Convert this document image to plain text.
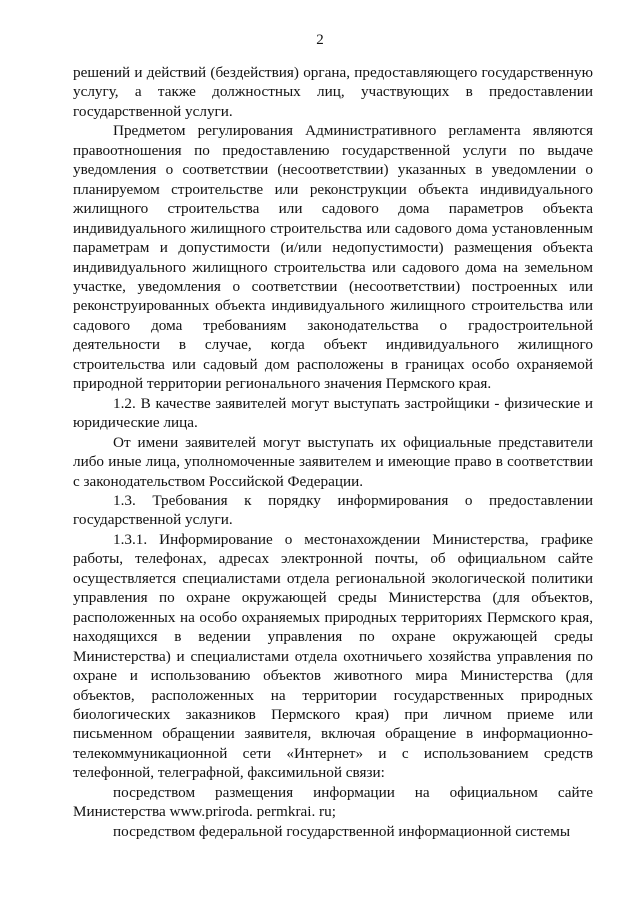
2

решений и действий (бездействия) органа, предоставляющего государственную услугу, а также должностных лиц, участвующих в предоставлении государственной услуги.

Предметом регулирования Административного регламента являются правоотношения по предоставлению государственной услуги по выдаче уведомления о соответствии (несоответствии) указанных в уведомлении о планируемом строительстве или реконструкции объекта индивидуального жилищного строительства или садового дома параметров объекта индивидуального жилищного строительства или садового дома установленным параметрам и допустимости (и/или недопустимости) размещения объекта индивидуального жилищного строительства или садового дома на земельном участке, уведомления о соответствии (несоответствии) построенных или реконструированных объекта индивидуального жилищного строительства или садового дома требованиям законодательства о градостроительной деятельности в случае, когда объект индивидуального жилищного строительства или садовый дом расположены в границах особо охраняемой природной территории регионального значения Пермского края.

1.2. В качестве заявителей могут выступать застройщики - физические и юридические лица.

От имени заявителей могут выступать их официальные представители либо иные лица, уполномоченные заявителем и имеющие право в соответствии с законодательством Российской Федерации.

1.3. Требования к порядку информирования о предоставлении государственной услуги.

1.3.1. Информирование о местонахождении Министерства, графике работы, телефонах, адресах электронной почты, об официальном сайте осуществляется специалистами отдела региональной экологической политики управления по охране окружающей среды Министерства (для объектов, расположенных на особо охраняемых природных территориях Пермского края, находящихся в ведении управления по охране окружающей среды Министерства) и специалистами отдела охотничьего хозяйства управления по охране и использованию объектов животного мира Министерства (для объектов, расположенных на территории государственных природных биологических заказников Пермского края) при личном приеме или письменном обращении заявителя, включая обращение в информационно-телекоммуникационной сети «Интернет» и с использованием средств телефонной, телеграфной, факсимильной связи:

посредством размещения информации на официальном сайте Министерства www.priroda. permkrai. ru;

посредством федеральной государственной информационной системы
